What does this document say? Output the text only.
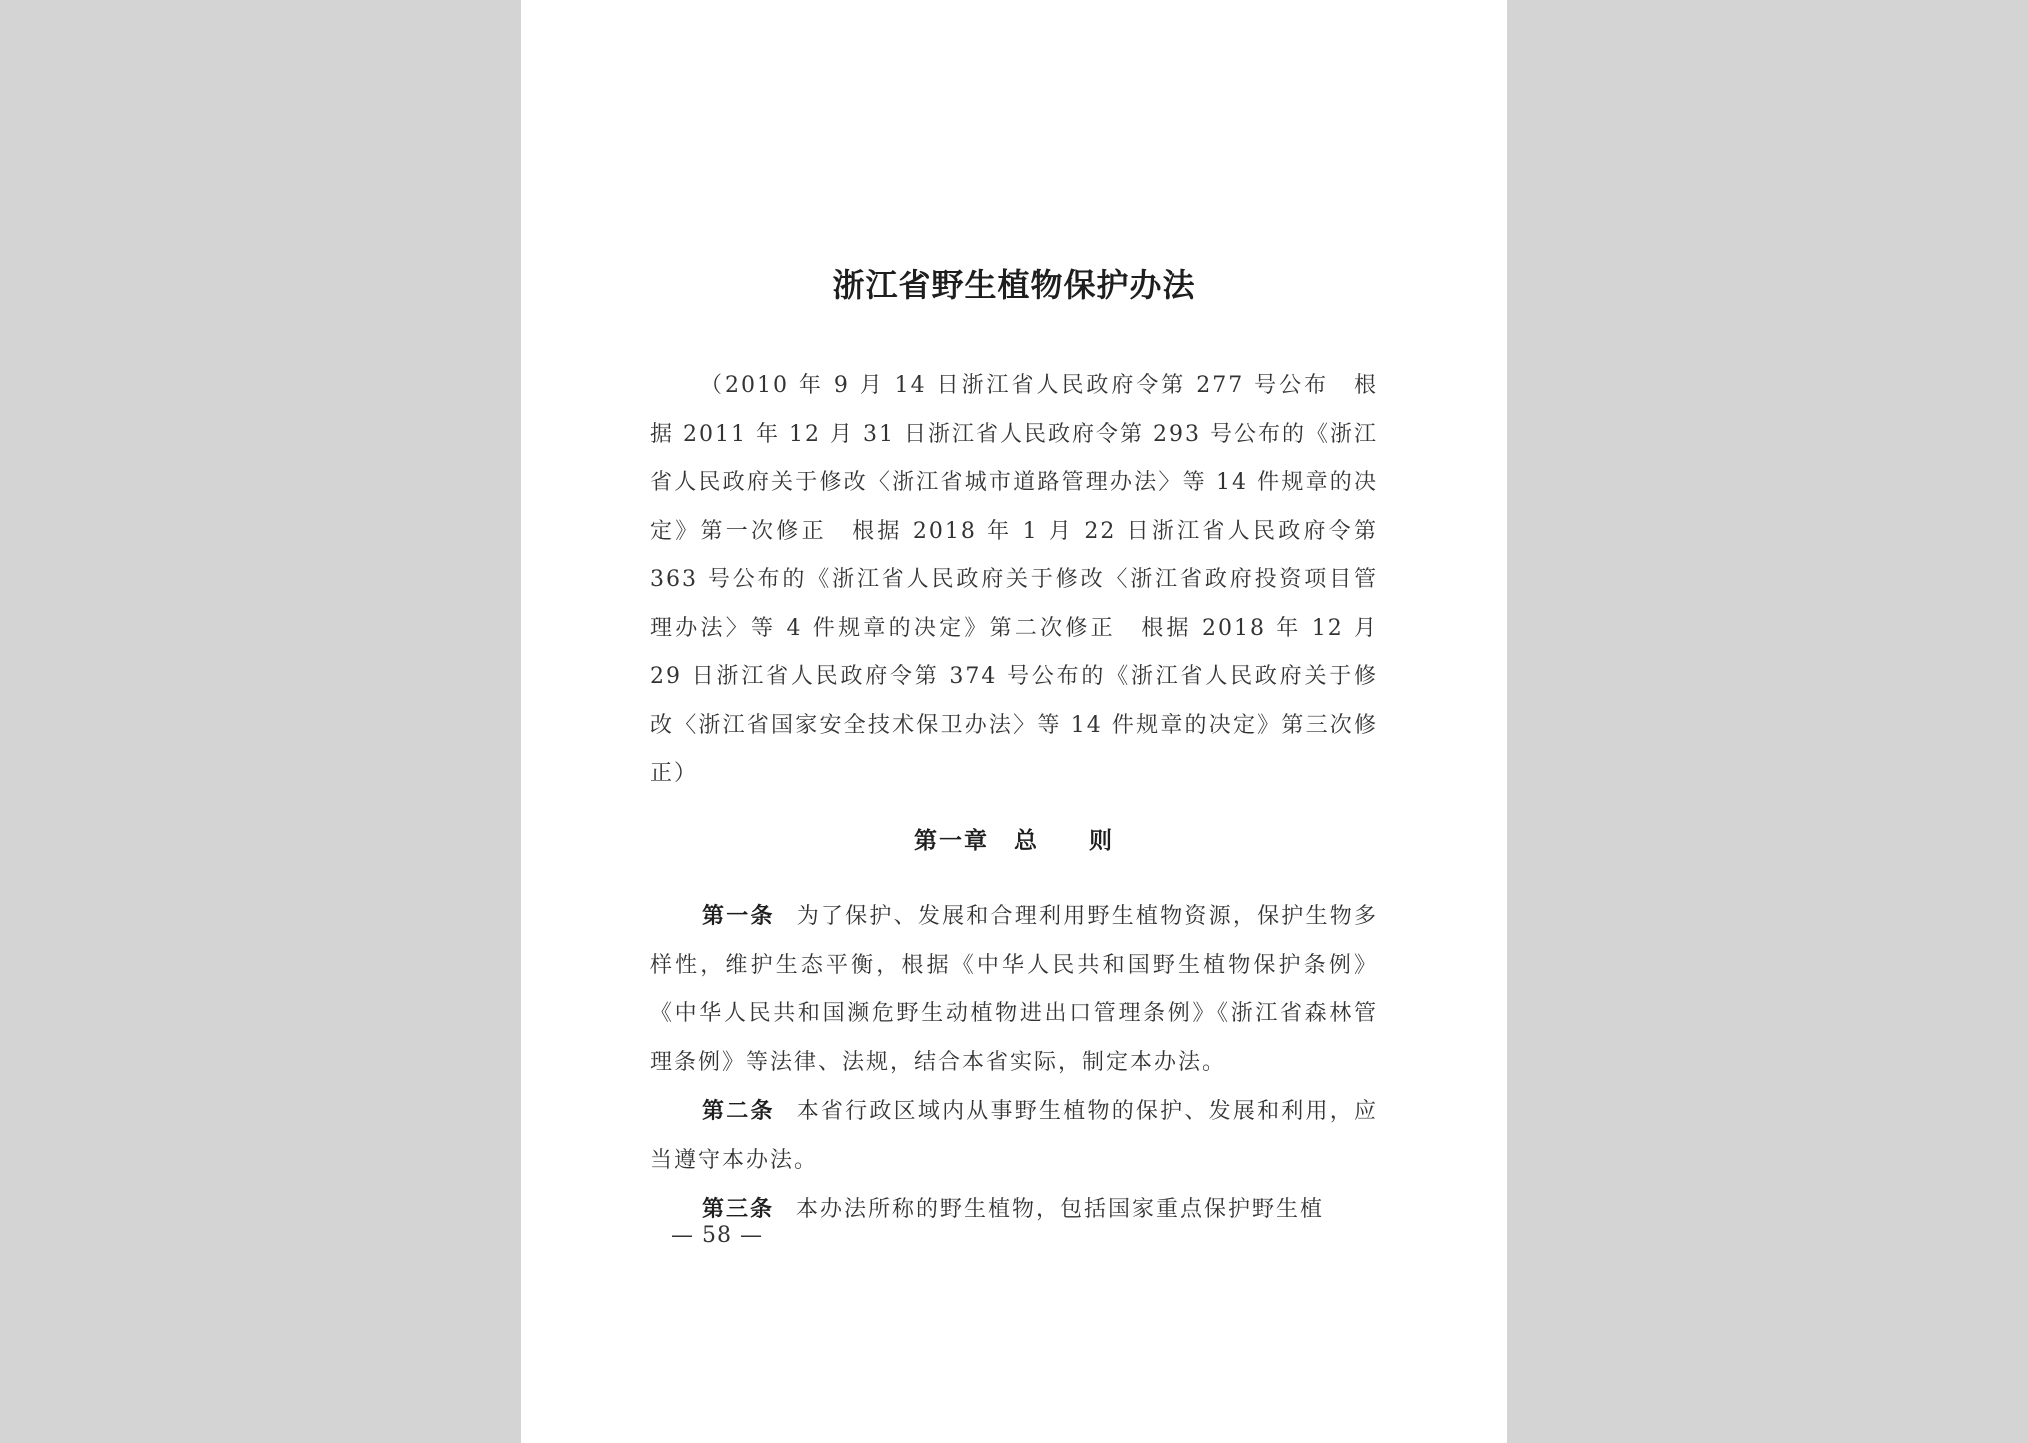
浙江省野生植物保护办法

（2010 年 9 月 14 日浙江省人民政府令第 277 号公布　根据 2011 年 12 月 31 日浙江省人民政府令第 293 号公布的《浙江省人民政府关于修改〈浙江省城市道路管理办法〉等 14 件规章的决定》第一次修正　根据 2018 年 1 月 22 日浙江省人民政府令第 363 号公布的《浙江省人民政府关于修改〈浙江省政府投资项目管理办法〉等 4 件规章的决定》第二次修正　根据 2018 年 12 月 29 日浙江省人民政府令第 374 号公布的《浙江省人民政府关于修改〈浙江省国家安全技术保卫办法〉等 14 件规章的决定》第三次修正）

第一章　总　　则

第一条 为了保护、发展和合理利用野生植物资源，保护生物多样性，维护生态平衡，根据《中华人民共和国野生植物保护条例》《中华人民共和国濒危野生动植物进出口管理条例》《浙江省森林管理条例》等法律、法规，结合本省实际，制定本办法。

第二条 本省行政区域内从事野生植物的保护、发展和利用，应当遵守本办法。

第三条 本办法所称的野生植物，包括国家重点保护野生植

— 58 —
